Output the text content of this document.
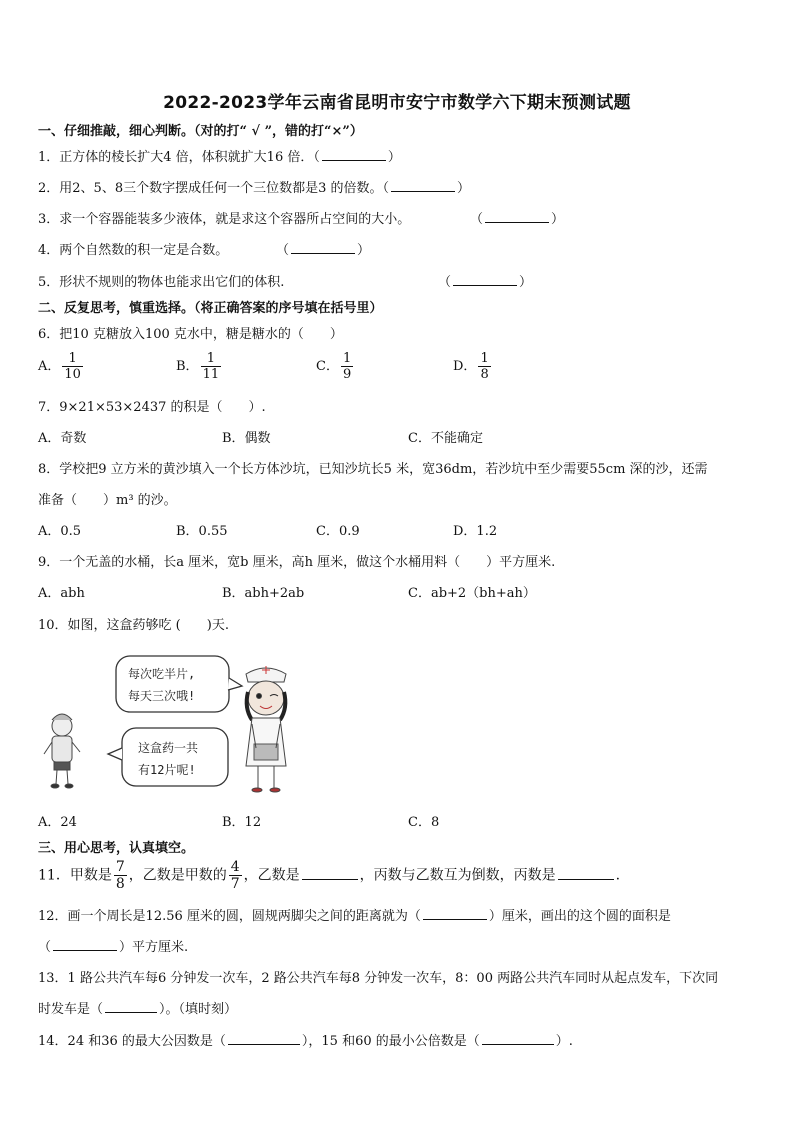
2022-2023学年云南省昆明市安宁市数学六下期末预测试题
一、仔细推敲，细心判断。（对的打“ √ ”，错的打“×”）
1．正方体的棱长扩大4 倍，体积就扩大16 倍．（	）
2．用2、5、8三个数字摆成任何一个三位数都是3 的倍数。（	）
3．求一个容器能装多少液体，就是求这个容器所占空间的大小。	（	）
4．两个自然数的积一定是合数。	（	）
5．形状不规则的物体也能求出它们的体积.	（	）
二、反复思考，慎重选择。（将正确答案的序号填在括号里）
6．把10 克糖放入100 克水中，糖是糖水的（　　）
A． $\frac{1}{10}$	B． $\frac{1}{11}$	C． $\frac{1}{9}$	D． $\frac{1}{8}$
7．9×21×53×2437 的积是（　　）.
A．奇数	B．偶数	C．不能确定
8．学校把9 立方米的黄沙填入一个长方体沙坑，已知沙坑长5 米，宽36dm，若沙坑中至少需要55cm 深的沙，还需
准备（　　）m³ 的沙。
A．0.5	B．0.55	C．0.9	D．1.2
9．一个无盖的水桶，长a 厘米，宽b 厘米，高h 厘米，做这个水桶用料（　　）平方厘米.
A．abh	B．abh+2ab	C．ab+2（bh+ah）
10．如图，这盒药够吃 (　　)天.
每次吃半片,
每天三次哦!
这盒药一共
有12片呢!
A．24	B．12	C．8
三、用心思考，认真填空。
11．甲数是 $\frac{7}{8}$ ，乙数是甲数的 $\frac{4}{7}$ ，乙数是	，丙数与乙数互为倒数，丙数是	.
12．画一个周长是12.56 厘米的圆，圆规两脚尖之间的距离就为（	）厘米，画出的这个圆的面积是
（	）平方厘米.
13．1 路公共汽车每6 分钟发一次车，2 路公共汽车每8 分钟发一次车，8：00 两路公共汽车同时从起点发车，下次同
时发车是（	）。（填时刻）
14．24 和36 的最大公因数是（	），15 和60 的最小公倍数是（	）.
